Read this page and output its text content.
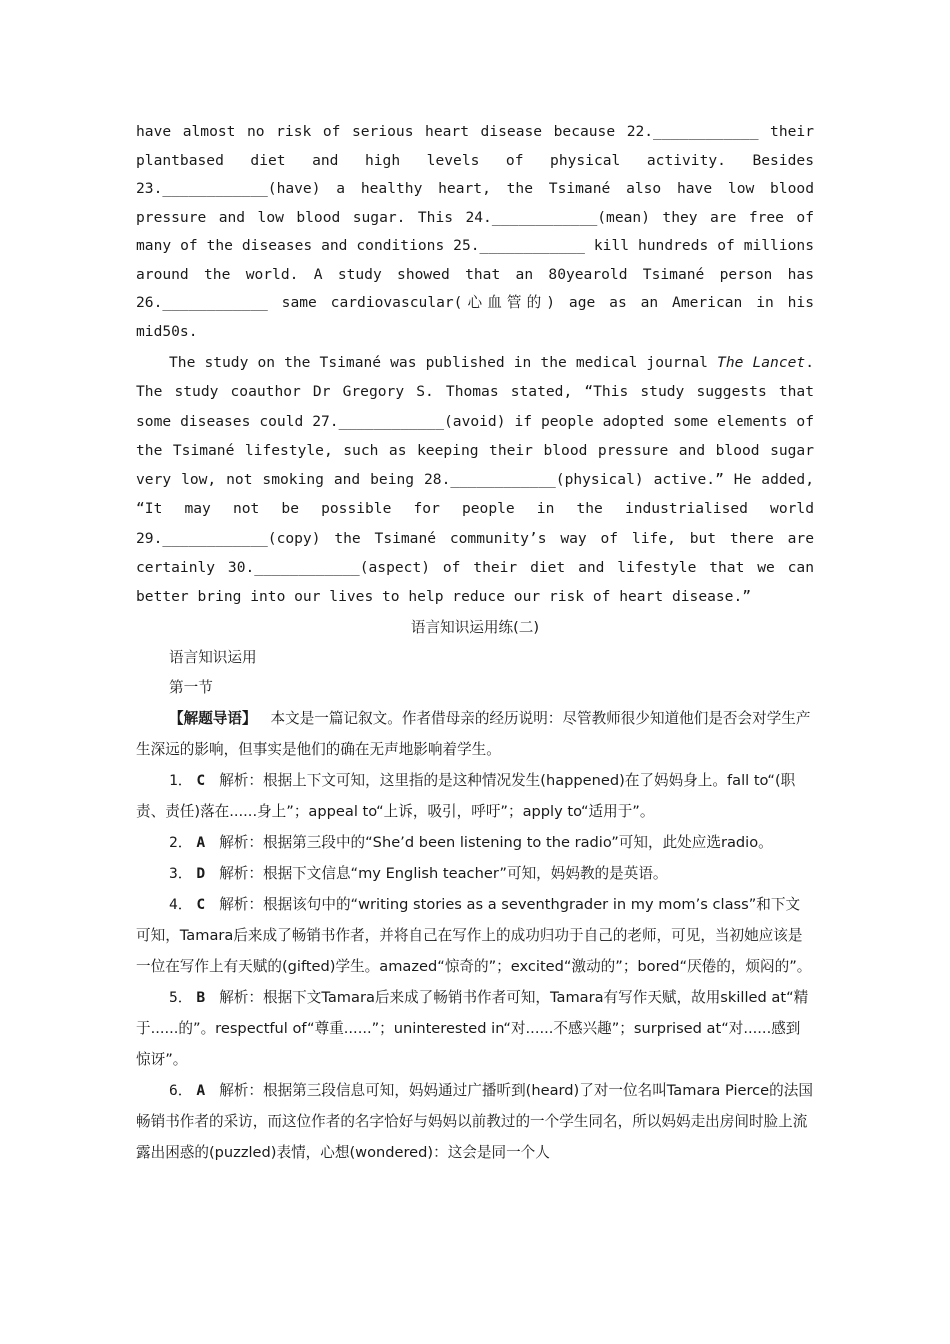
have almost no risk of serious heart disease because 22.____________ their plantbased diet and high levels of physical activity. Besides 23.____________(have) a healthy heart, the Tsimané also have low blood pressure and low blood sugar. This 24.____________(mean) they are free of many of the diseases and conditions 25.____________ kill hundreds of millions around the world. A study showed that an 80yearold Tsimané person has 26.____________ same cardiovascular(心血管的) age as an American in his mid50s.

The study on the Tsimané was published in the medical journal The Lancet. The study coauthor Dr Gregory S. Thomas stated, “This study suggests that some diseases could 27.____________(avoid) if people adopted some elements of the Tsimané lifestyle, such as keeping their blood pressure and blood sugar very low, not smoking and being 28.____________(physical) active.” He added, “It may not be possible for people in the industrialised world 29.____________(copy) the Tsimané community’s way of life, but there are certainly 30.____________(aspect) of their diet and lifestyle that we can better bring into our lives to help reduce our risk of heart disease.”

语言知识运用练(二)
语言知识运用
第一节

【解题导语】 本文是一篇记叙文。作者借母亲的经历说明：尽管教师很少知道他们是否会对学生产生深远的影响，但事实是他们的确在无声地影响着学生。

1． C 解析：根据上下文可知，这里指的是这种情况发生(happened)在了妈妈身上。fall to“(职责、责任)落在......身上”；appeal to“上诉，吸引，呼吁”；apply to“适用于”。

2． A 解析：根据第三段中的“She’d been listening to the radio”可知，此处应选radio。

3． D 解析：根据下文信息“my English teacher”可知，妈妈教的是英语。

4． C 解析：根据该句中的“writing stories as a seventhgrader in my mom’s class”和下文可知，Tamara后来成了畅销书作者，并将自己在写作上的成功归功于自己的老师，可见，当初她应该是一位在写作上有天赋的(gifted)学生。amazed“惊奇的”；excited“激动的”；bored“厌倦的，烦闷的”。

5． B 解析：根据下文Tamara后来成了畅销书作者可知，Tamara有写作天赋，故用skilled at“精于......的”。respectful of“尊重......”；uninterested in“对......不感兴趣”；surprised at“对......感到惊讶”。

6． A 解析：根据第三段信息可知，妈妈通过广播听到(heard)了对一位名叫Tamara Pierce的法国畅销书作者的采访，而这位作者的名字恰好与妈妈以前教过的一个学生同名，所以妈妈走出房间时脸上流露出困惑的(puzzled)表情，心想(wondered)：这会是同一个人
